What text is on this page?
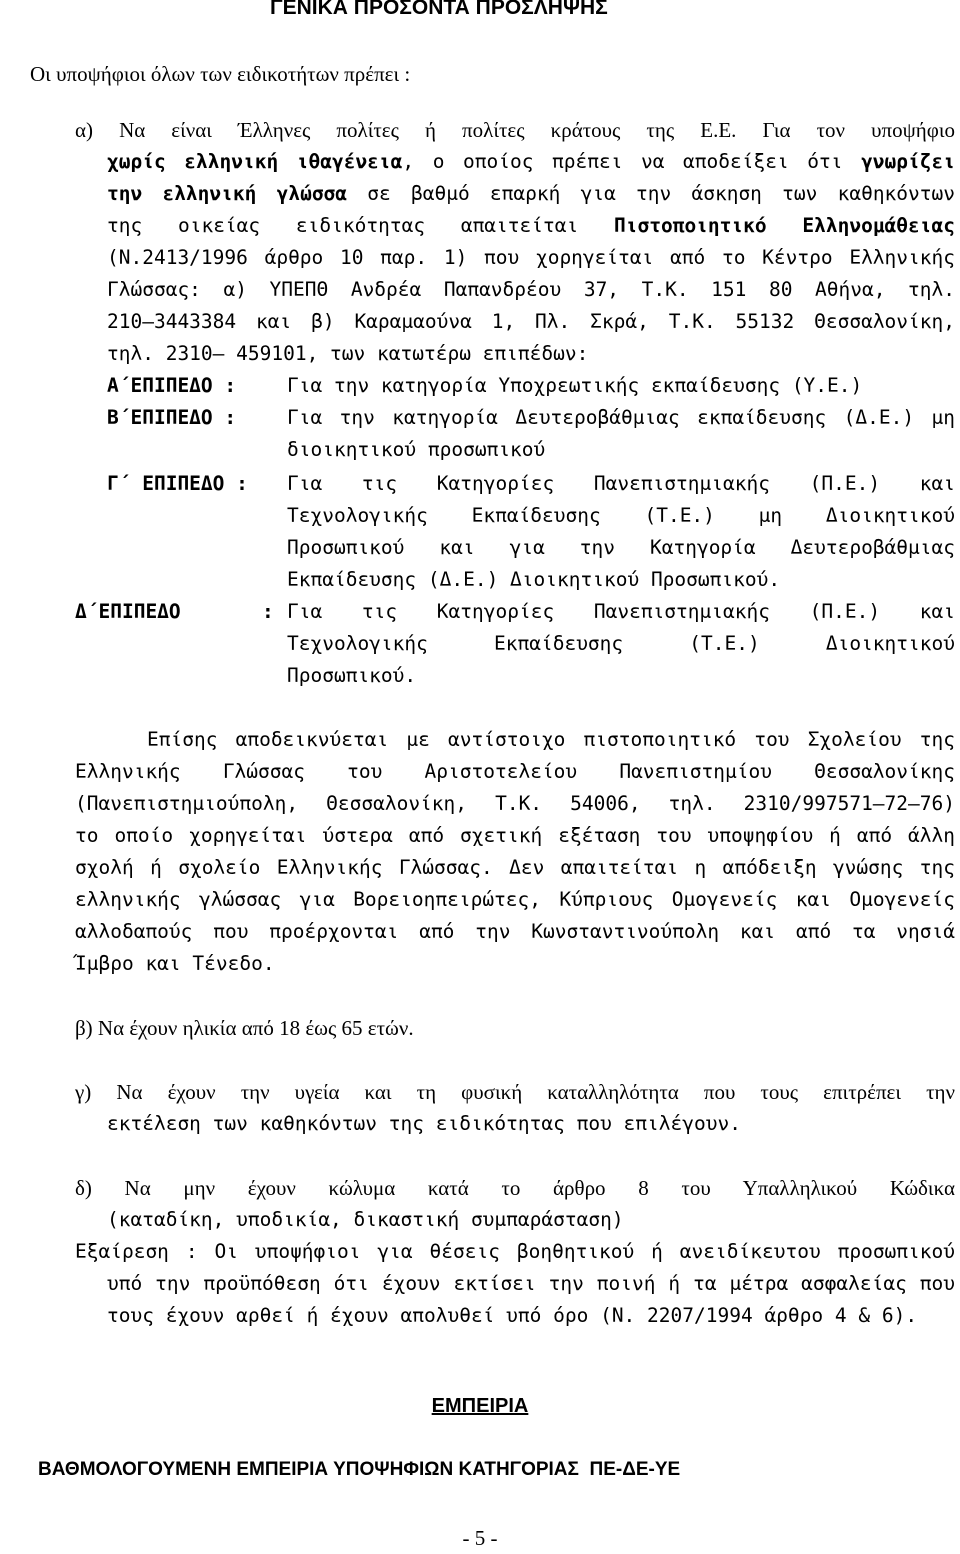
ΓΕΝΙΚΑ ΠΡΟΣΟΝΤΑ ΠΡΟΣΛΗΨΗΣ
Οι υποψήφιοι όλων των ειδικοτήτων πρέπει :
α) Να είναι Έλληνες πολίτες ή πολίτες κράτους της Ε.Ε. Για τον υποψήφιο
χωρίς ελληνική ιθαγένεια, ο οποίος πρέπει να αποδείξει ότι γνωρίζει
την ελληνική γλώσσα σε βαθμό επαρκή για την άσκηση των καθηκόντων
της οικείας ειδικότητας απαιτείται Πιστοποιητικό Ελληνομάθειας
(Ν.2413/1996 άρθρο 10 παρ. 1) που χορηγείται από το Κέντρο Ελληνικής
Γλώσσας: α) ΥΠΕΠΘ Ανδρέα Παπανδρέου 37, Τ.Κ. 151 80 Αθήνα, τηλ.
210–3443384 και β) Καραμαούνα 1, Πλ. Σκρά, Τ.Κ. 55132 Θεσσαλονίκη,
τηλ. 2310– 459101, των κατωτέρω επιπέδων:
Α΄ΕΠΙΠΕΔΟ :	Για την κατηγορία Υποχρεωτικής εκπαίδευσης (Υ.Ε.)
Β΄ΕΠΙΠΕΔΟ :	Για την κατηγορία Δευτεροβάθμιας εκπαίδευσης (Δ.Ε.) μη
διοικητικού προσωπικού
Γ΄ ΕΠΙΠΕΔΟ : Για τις Κατηγορίες Πανεπιστημιακής (Π.Ε.) και
Τεχνολογικής Εκπαίδευσης (Τ.Ε.) μη Διοικητικού
Προσωπικού και για την Κατηγορία Δευτεροβάθμιας
Εκπαίδευσης (Δ.Ε.) Διοικητικού Προσωπικού.
Δ΄ΕΠΙΠΕΔΟ	: Για τις Κατηγορίες Πανεπιστημιακής (Π.Ε.) και
Τεχνολογικής Εκπαίδευσης (Τ.Ε.) Διοικητικού
Προσωπικού.
Επίσης αποδεικνύεται με αντίστοιχο πιστοποιητικό του Σχολείου της
Ελληνικής Γλώσσας του Αριστοτελείου Πανεπιστημίου Θεσσαλονίκης
(Πανεπιστημιούπολη, Θεσσαλονίκη, Τ.Κ. 54006, τηλ. 2310/997571–72–76)
το οποίο χορηγείται ύστερα από σχετική εξέταση του υποψηφίου ή από άλλη
σχολή ή σχολείο Ελληνικής Γλώσσας. Δεν απαιτείται η απόδειξη γνώσης της
ελληνικής γλώσσας για Βορειοηπειρώτες, Κύπριους Ομογενείς και Ομογενείς
αλλοδαπούς που προέρχονται από την Κωνσταντινούπολη και από τα νησιά
Ίμβρο και Τένεδο.
β) Να έχουν ηλικία από 18 έως 65 ετών.
γ) Να έχουν την υγεία και τη φυσική καταλληλότητα που τους επιτρέπει την
εκτέλεση των καθηκόντων της ειδικότητας που επιλέγουν.
δ) Να μην έχουν κώλυμα κατά το άρθρο 8 του Υπαλληλικού Κώδικα
(καταδίκη, υποδικία, δικαστική συμπαράσταση)
Εξαίρεση : Οι υποψήφιοι για θέσεις βοηθητικού ή ανειδίκευτου προσωπικού
υπό την προϋπόθεση ότι έχουν εκτίσει την ποινή ή τα μέτρα ασφαλείας που
τους έχουν αρθεί ή έχουν απολυθεί υπό όρο (Ν. 2207/1994 άρθρο 4 & 6).
ΕΜΠΕΙΡΙΑ
ΒΑΘΜΟΛΟΓΟΥΜΕΝΗ ΕΜΠΕΙΡΙΑ ΥΠΟΨΗΦΙΩΝ ΚΑΤΗΓΟΡΙΑΣ  ΠΕ-ΔΕ-ΥΕ
- 5 -
